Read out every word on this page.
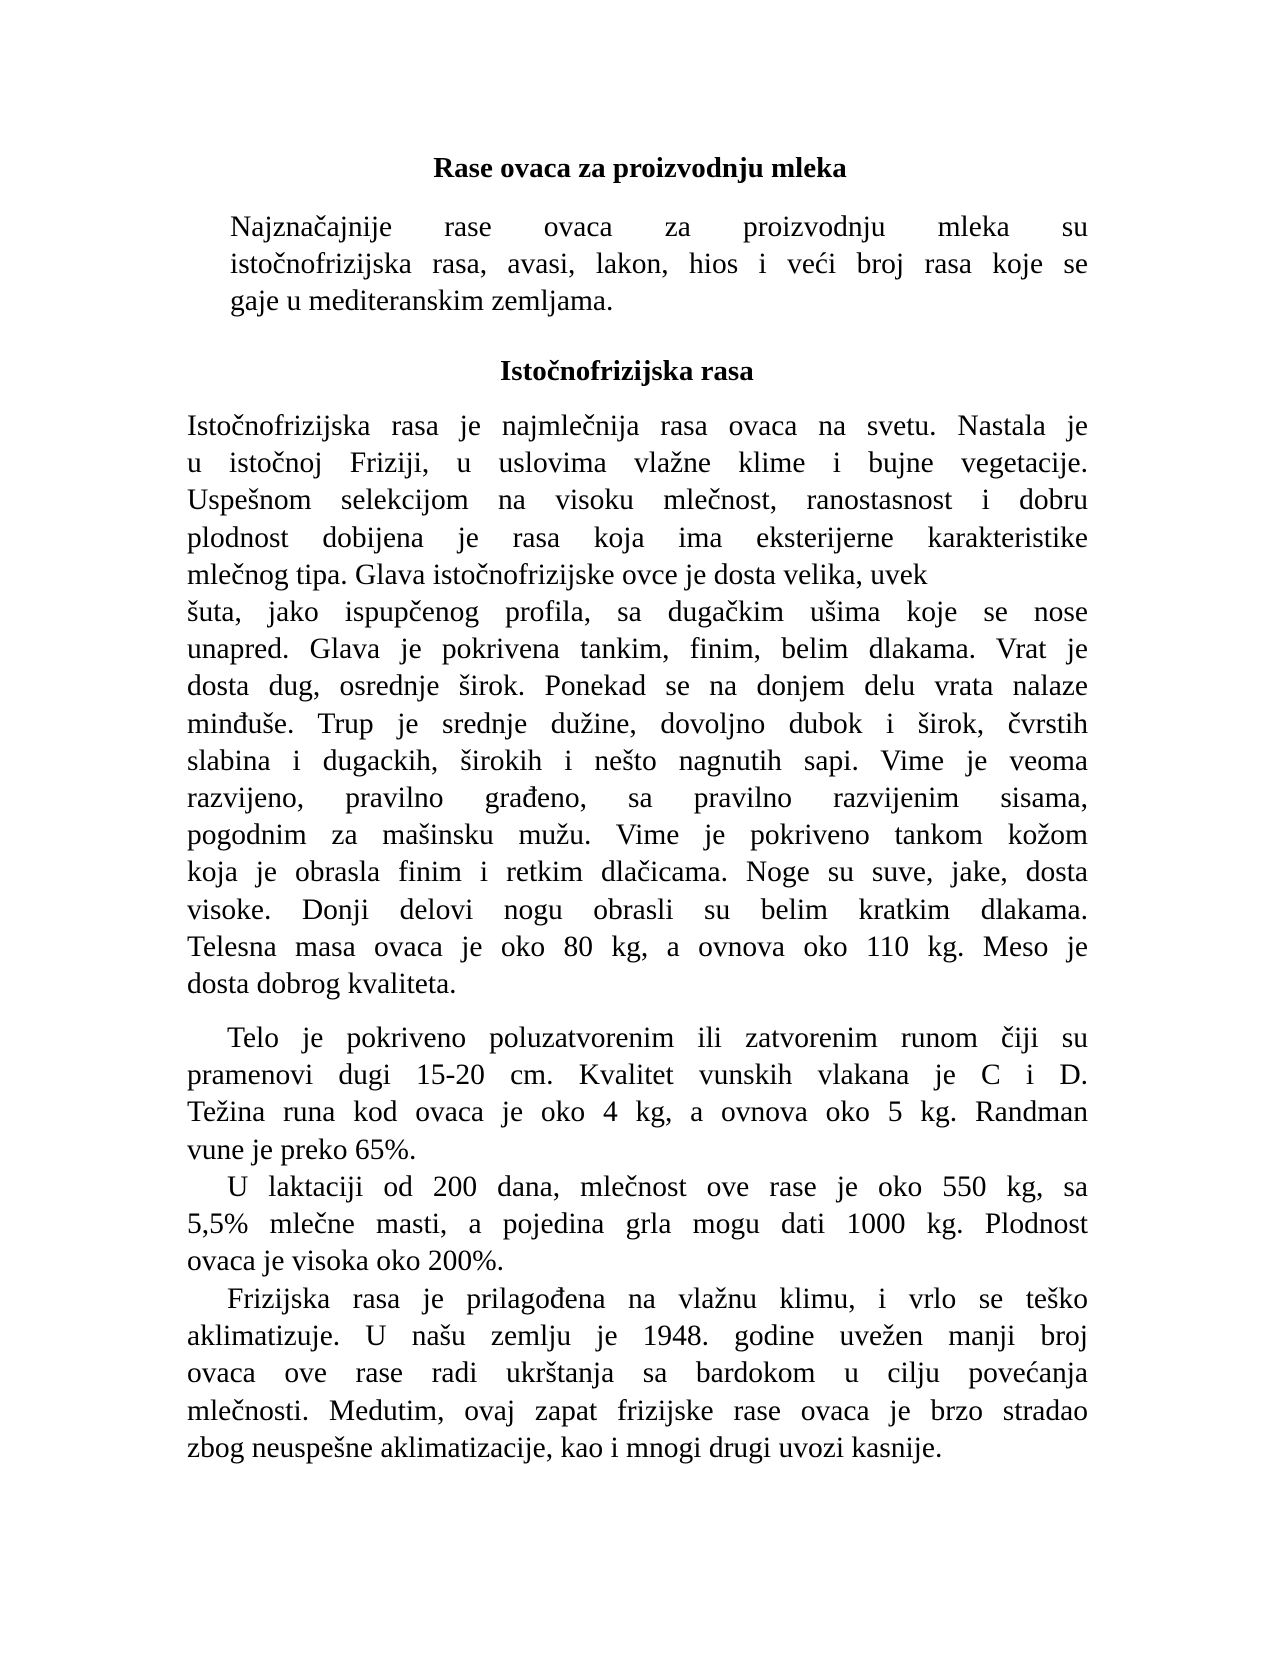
Rase ovaca za proizvodnju mleka
Najznačajnije rase ovaca za proizvodnju mleka su
istočnofrizijska rasa, avasi, lakon, hios i veći broj rasa koje se
gaje u mediteranskim zemljama.
Istočnofrizijska rasa
Istočnofrizijska rasa je najmlečnija rasa ovaca na svetu. Nastala je
u istočnoj Friziji, u uslovima vlažne klime i bujne vegetacije.
Uspešnom selekcijom na visoku mlečnost, ranostasnost i dobru
plodnost dobijena je rasa koja ima eksterijerne karakteristike
mlečnog tipa. Glava istočnofrizijske ovce je dosta velika, uvek
šuta, jako ispupčenog profila, sa dugačkim ušima koje se nose
unapred. Glava je pokrivena tankim, finim, belim dlakama. Vrat je
dosta dug, osrednje širok. Ponekad se na donjem delu vrata nalaze
minđuše. Trup je srednje dužine, dovoljno dubok i širok, čvrstih
slabina i dugackih, širokih i nešto nagnutih sapi. Vime je veoma
razvijeno, pravilno građeno, sa pravilno razvijenim sisama,
pogodnim za mašinsku mužu. Vime je pokriveno tankom kožom
koja je obrasla finim i retkim dlačicama. Noge su suve, jake, dosta
visoke. Donji delovi nogu obrasli su belim kratkim dlakama.
Telesna masa ovaca je oko 80 kg, a ovnova oko 110 kg. Meso je
dosta dobrog kvaliteta.
Telo je pokriveno poluzatvorenim ili zatvorenim runom čiji su
pramenovi dugi 15-20 cm. Kvalitet vunskih vlakana je C i D.
Težina runa kod ovaca je oko 4 kg, a ovnova oko 5 kg. Randman
vune je preko 65%.
U laktaciji od 200 dana, mlečnost ove rase je oko 550 kg, sa
5,5% mlečne masti, a pojedina grla mogu dati 1000 kg. Plodnost
ovaca je visoka oko 200%.
Frizijska rasa je prilagođena na vlažnu klimu, i vrlo se teško
aklimatizuje. U našu zemlju je 1948. godine uvežen manji broj
ovaca ove rase radi ukrštanja sa bardokom u cilju povećanja
mlečnosti. Medutim, ovaj zapat frizijske rase ovaca je brzo stradao
zbog neuspešne aklimatizacije, kao i mnogi drugi uvozi kasnije.
